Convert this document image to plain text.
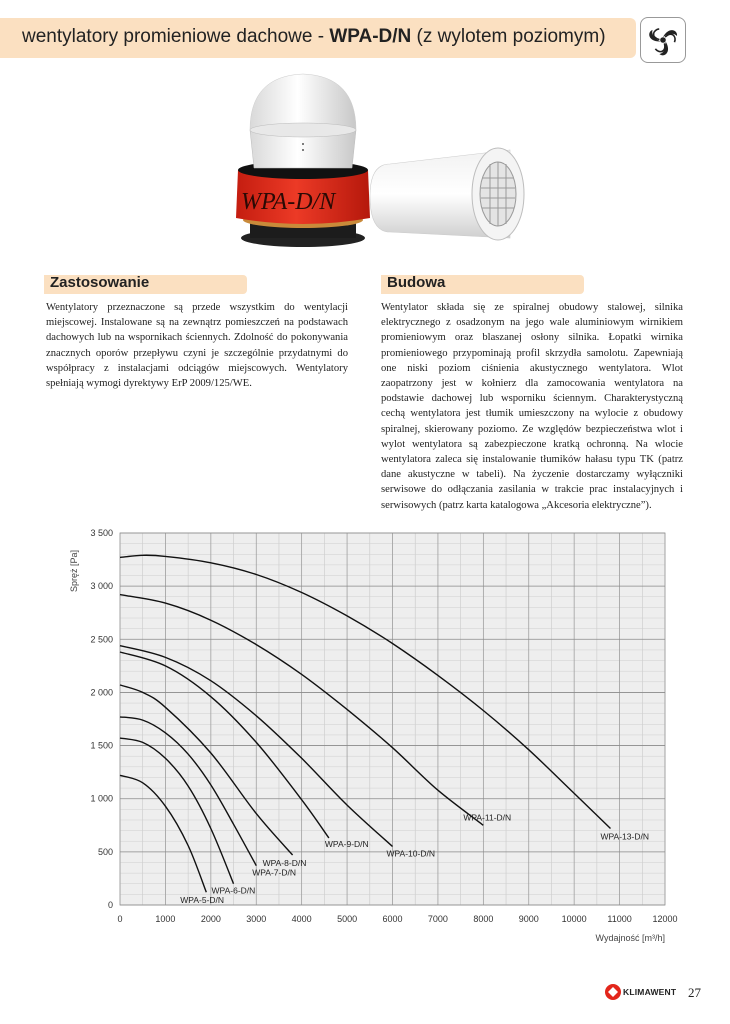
wentylatory promieniowe dachowe - WPA-D/N (z wylotem poziomym)
WPA-D/N
Zastosowanie

Wentylatory przeznaczone są przede wszystkim do wentylacji miejscowej. Instalowane są na zewnątrz pomieszczeń na podstawach dachowych lub na wspornikach ściennych. Zdolność do pokonywania znacznych oporów przepływu czyni je szczególnie przydatnymi do współpracy z instalacjami odciągów miejscowych. Wentylatory spełniają wymogi dyrektywy ErP 2009/125/WE.

Budowa

Wentylator składa się ze spiralnej obudowy stalowej, silnika elektrycznego z osadzonym na jego wale aluminiowym wirnikiem promieniowym oraz blaszanej osłony silnika. Łopatki wirnika promieniowego przypominają profil skrzydła samolotu. Zapewniają one niski poziom ciśnienia akustycznego wentylatora. Wlot zaopatrzony jest w kołnierz dla zamocowania wentylatora na podstawie dachowej lub wsporniku ściennym. Charakterystyczną cechą wentylatora jest tłumik umieszczony na wylocie z obudowy spiralnej, skierowany poziomo. Ze względów bezpieczeństwa wlot i wylot wentylatora są zabezpieczone kratką ochronną. Na wlocie wentylatora zaleca się instalowanie tłumików hałasu typu TK (patrz dane akustyczne w tabeli). Na życzenie dostarczamy wyłączniki serwisowe do odłączania zasilania w trakcie prac instalacyjnych i serwisowych (patrz karta katalogowa „Akcesoria elektryczne”).

0	1000	2000	3000	4000	5000	6000	7000	8000	9000	10000 11000 12000
0
500
1 000
1 500
2 000
2 500
3 000
3 500
Wydajność [m³/h]
Spręż [Pa]
WPA-5-D/N
WPA-6-D/N
WPA-7-D/N
WPA-8-D/N
WPA-9-D/N
WPA-10-D/N
WPA-11-D/N
WPA-13-D/N
KLIMAWENT 27
